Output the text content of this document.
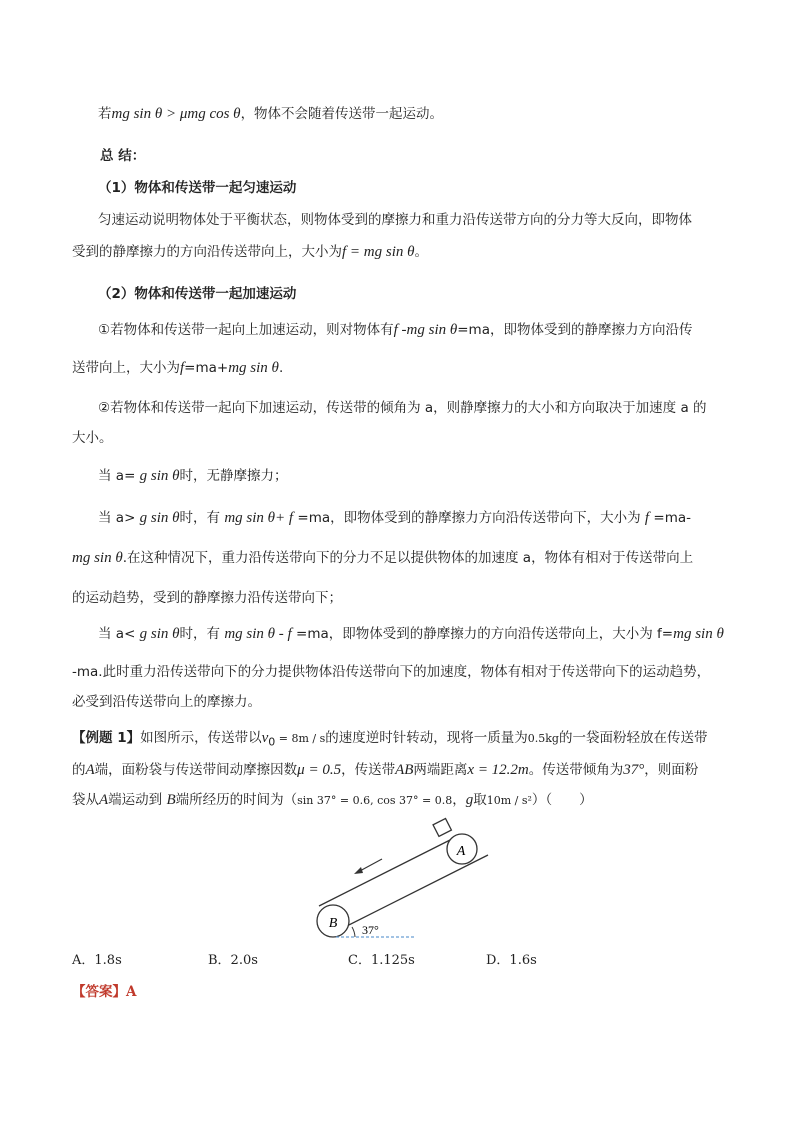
若mg sin θ > μmg cos θ，物体不会随着传送带一起运动。
总 结：
（1）物体和传送带一起匀速运动
匀速运动说明物体处于平衡状态，则物体受到的摩擦力和重力沿传送带方向的分力等大反向，即物体
受到的静摩擦力的方向沿传送带向上，大小为f = mg sin θ。
（2）物体和传送带一起加速运动
①若物体和传送带一起向上加速运动，则对物体有f -mg sin θ=ma，即物体受到的静摩擦力方向沿传
送带向上，大小为f=ma+mg sin θ.
②若物体和传送带一起向下加速运动，传送带的倾角为 a，则静摩擦力的大小和方向取决于加速度 a 的
大小。
当 a= g sin θ时，无静摩擦力；
当 a> g sin θ时，有 mg sin θ+ f =ma，即物体受到的静摩擦力方向沿传送带向下，大小为 f =ma-
mg sin θ.在这种情况下，重力沿传送带向下的分力不足以提供物体的加速度 a，物体有相对于传送带向上
的运动趋势，受到的静摩擦力沿传送带向下；
当 a< g sin θ时，有 mg sin θ - f =ma，即物体受到的静摩擦力的方向沿传送带向上，大小为 f=mg sin θ
-ma.此时重力沿传送带向下的分力提供物体沿传送带向下的加速度，物体有相对于传送带向下的运动趋势，
必受到沿传送带向上的摩擦力。
【例题 1】如图所示，传送带以$v_0 = 8m / s$的速度逆时针转动，现将一质量为0.5kg的一袋面粉轻放在传送带
的A端，面粉袋与传送带间动摩擦因数μ = 0.5，传送带AB两端距离x = 12.2m。传送带倾角为37°，则面粉
袋从A端运动到 B端所经历的时间为（sin 37° = 0.6, cos 37° = 0.8，g取10m / s²）（　　）
A
B 37°
A．1.8s	B．2.0s	C．1.125s	D．1.6s
【答案】A
